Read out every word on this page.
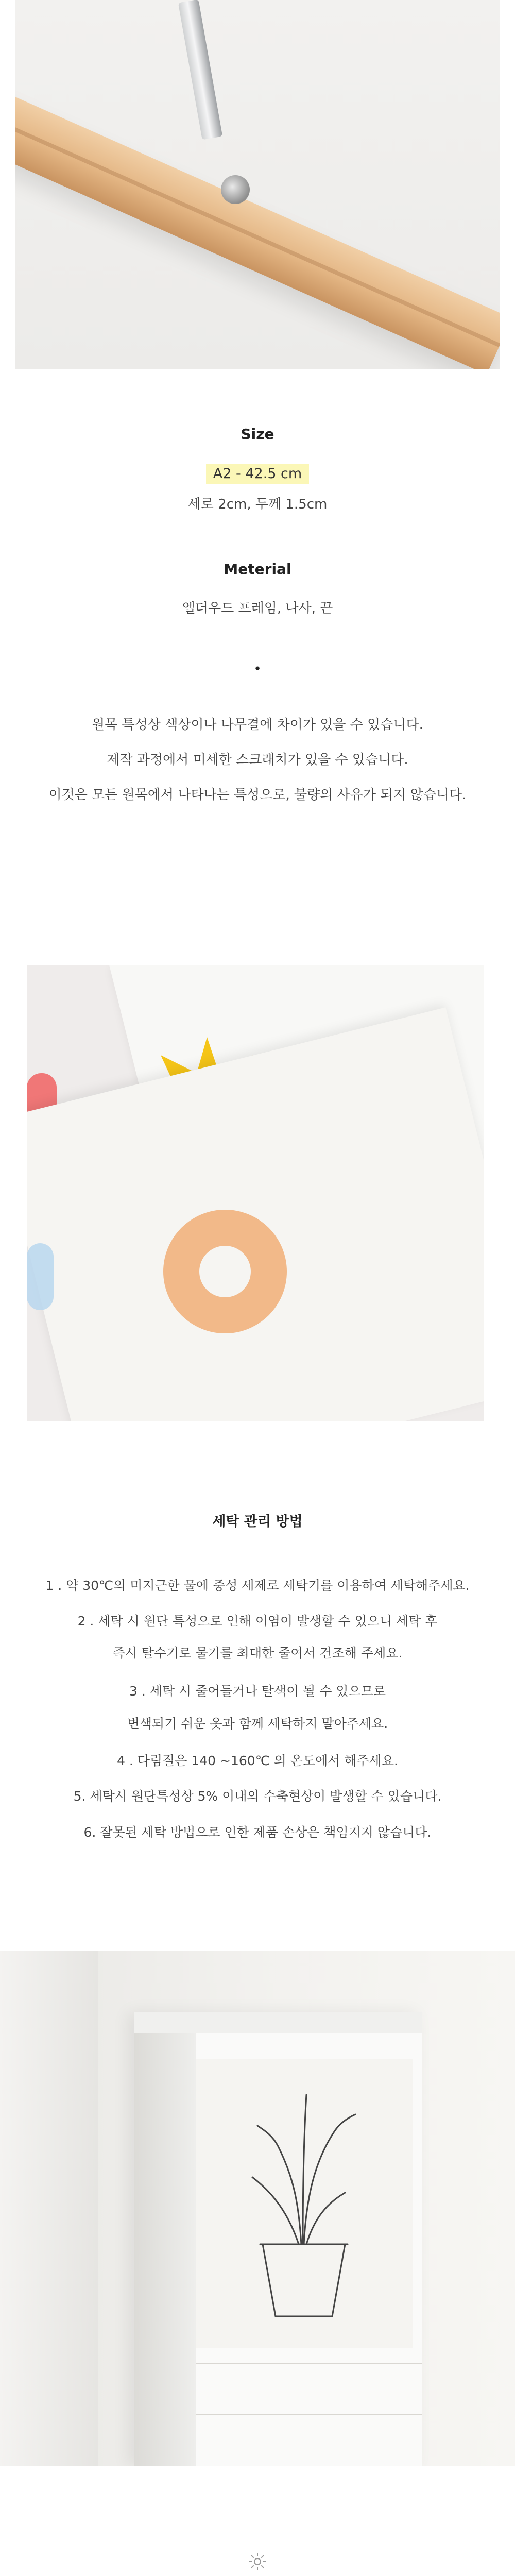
Size
A2 - 42.5 cm
세로 2cm, 두께 1.5cm
Meterial
엘더우드 프레임, 나사, 끈
•
원목 특성상 색상이나 나무결에 차이가 있을 수 있습니다.
제작 과정에서 미세한 스크래치가 있을 수 있습니다.
이것은 모든 원목에서 나타나는 특성으로, 불량의 사유가 되지 않습니다.
세탁 관리 방법
1 . 약 30℃의 미지근한 물에 중성 세제로 세탁기를 이용하여 세탁해주세요.
2 . 세탁 시 원단 특성으로 인해 이염이 발생할 수 있으니 세탁 후
즉시 탈수기로 물기를 최대한 줄여서 건조해 주세요.
3 . 세탁 시 줄어들거나 탈색이 될 수 있으므로
변색되기 쉬운 옷과 함께 세탁하지 말아주세요.
4 . 다림질은 140 ~160℃ 의 온도에서 해주세요.
5. 세탁시 원단특성상 5% 이내의 수축현상이 발생할 수 있습니다.
6. 잘못된 세탁 방법으로 인한 제품 손상은 책임지지 않습니다.
